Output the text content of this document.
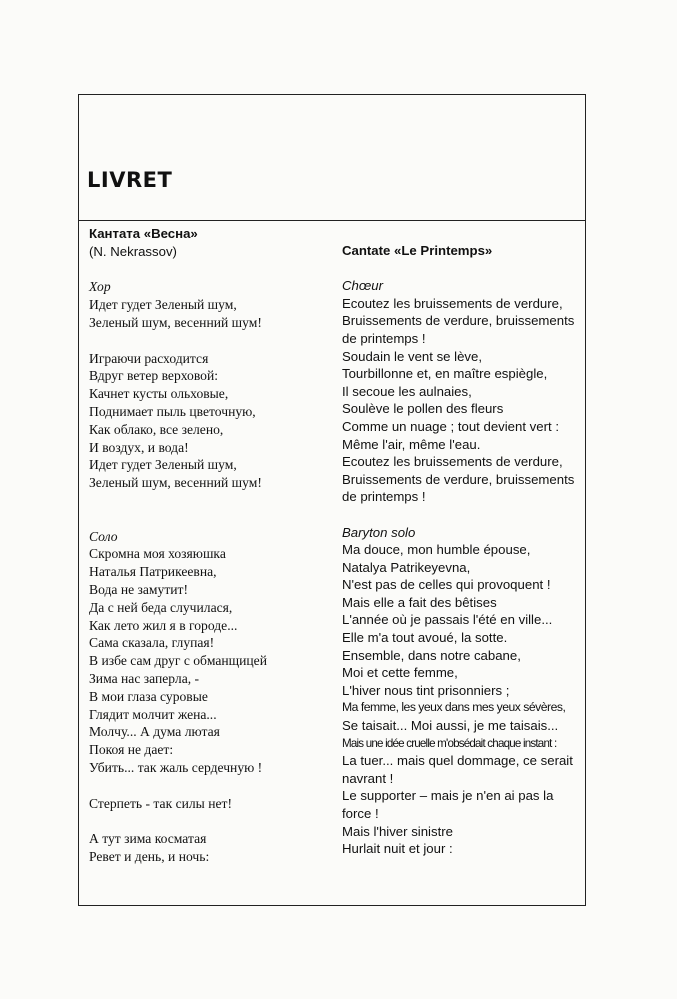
LIVRET
Кантата «Весна»
(N. Nekrassov)
Хор
Идет гудет Зеленый шум,
Зеленый шум, весенний шум!

Играючи расходится
Вдруг ветер верховой:
Качнет кусты ольховые,
Поднимает пыль цветочную,
Как облако, все зелено,
И воздух, и вода!
Идет гудет Зеленый шум,
Зеленый шум, весенний шум!
Соло
Скромна моя хозяюшка
Наталья Патрикеевна,
Вода не замутит!
Да с ней беда случилася,
Как лето жил я в городе...
Сама сказала, глупая!
В избе сам друг с обманщицей
Зима нас заперла, -
В мои глаза суровые
Глядит молчит жена...
Молчу... А дума лютая
Покоя не дает:
Убить... так жаль сердечную !

Стерпеть - так силы нет!

А тут зима косматая
Ревет и день, и ночь:
Cantate «Le Printemps»
Chœur
Ecoutez les bruissements de verdure,
Bruissements de verdure, bruissements
de printemps !
Soudain le vent se lève,
Tourbillonne et, en maître espiègle,
Il secoue les aulnaies,
Soulève le pollen des fleurs
Comme un nuage ; tout devient vert :
Même l'air, même l'eau.
Ecoutez les bruissements de verdure,
Bruissements de verdure, bruissements
de printemps !
Baryton solo
Ma douce, mon humble épouse,
Natalya Patrikeyevna,
N'est pas de celles qui provoquent !
Mais elle a fait des bêtises
L'année où je passais l'été en ville...
Elle m'a tout avoué, la sotte.
Ensemble, dans notre cabane,
Moi et cette femme,
L'hiver nous tint prisonniers ;
Ma femme, les yeux dans mes yeux sévères,
Se taisait... Moi aussi, je me taisais...
Mais une idée cruelle m'obsédait chaque instant :
La tuer... mais quel dommage, ce serait
navrant !
Le supporter – mais je n'en ai pas la
force !
Mais l'hiver sinistre
Hurlait nuit et jour :
